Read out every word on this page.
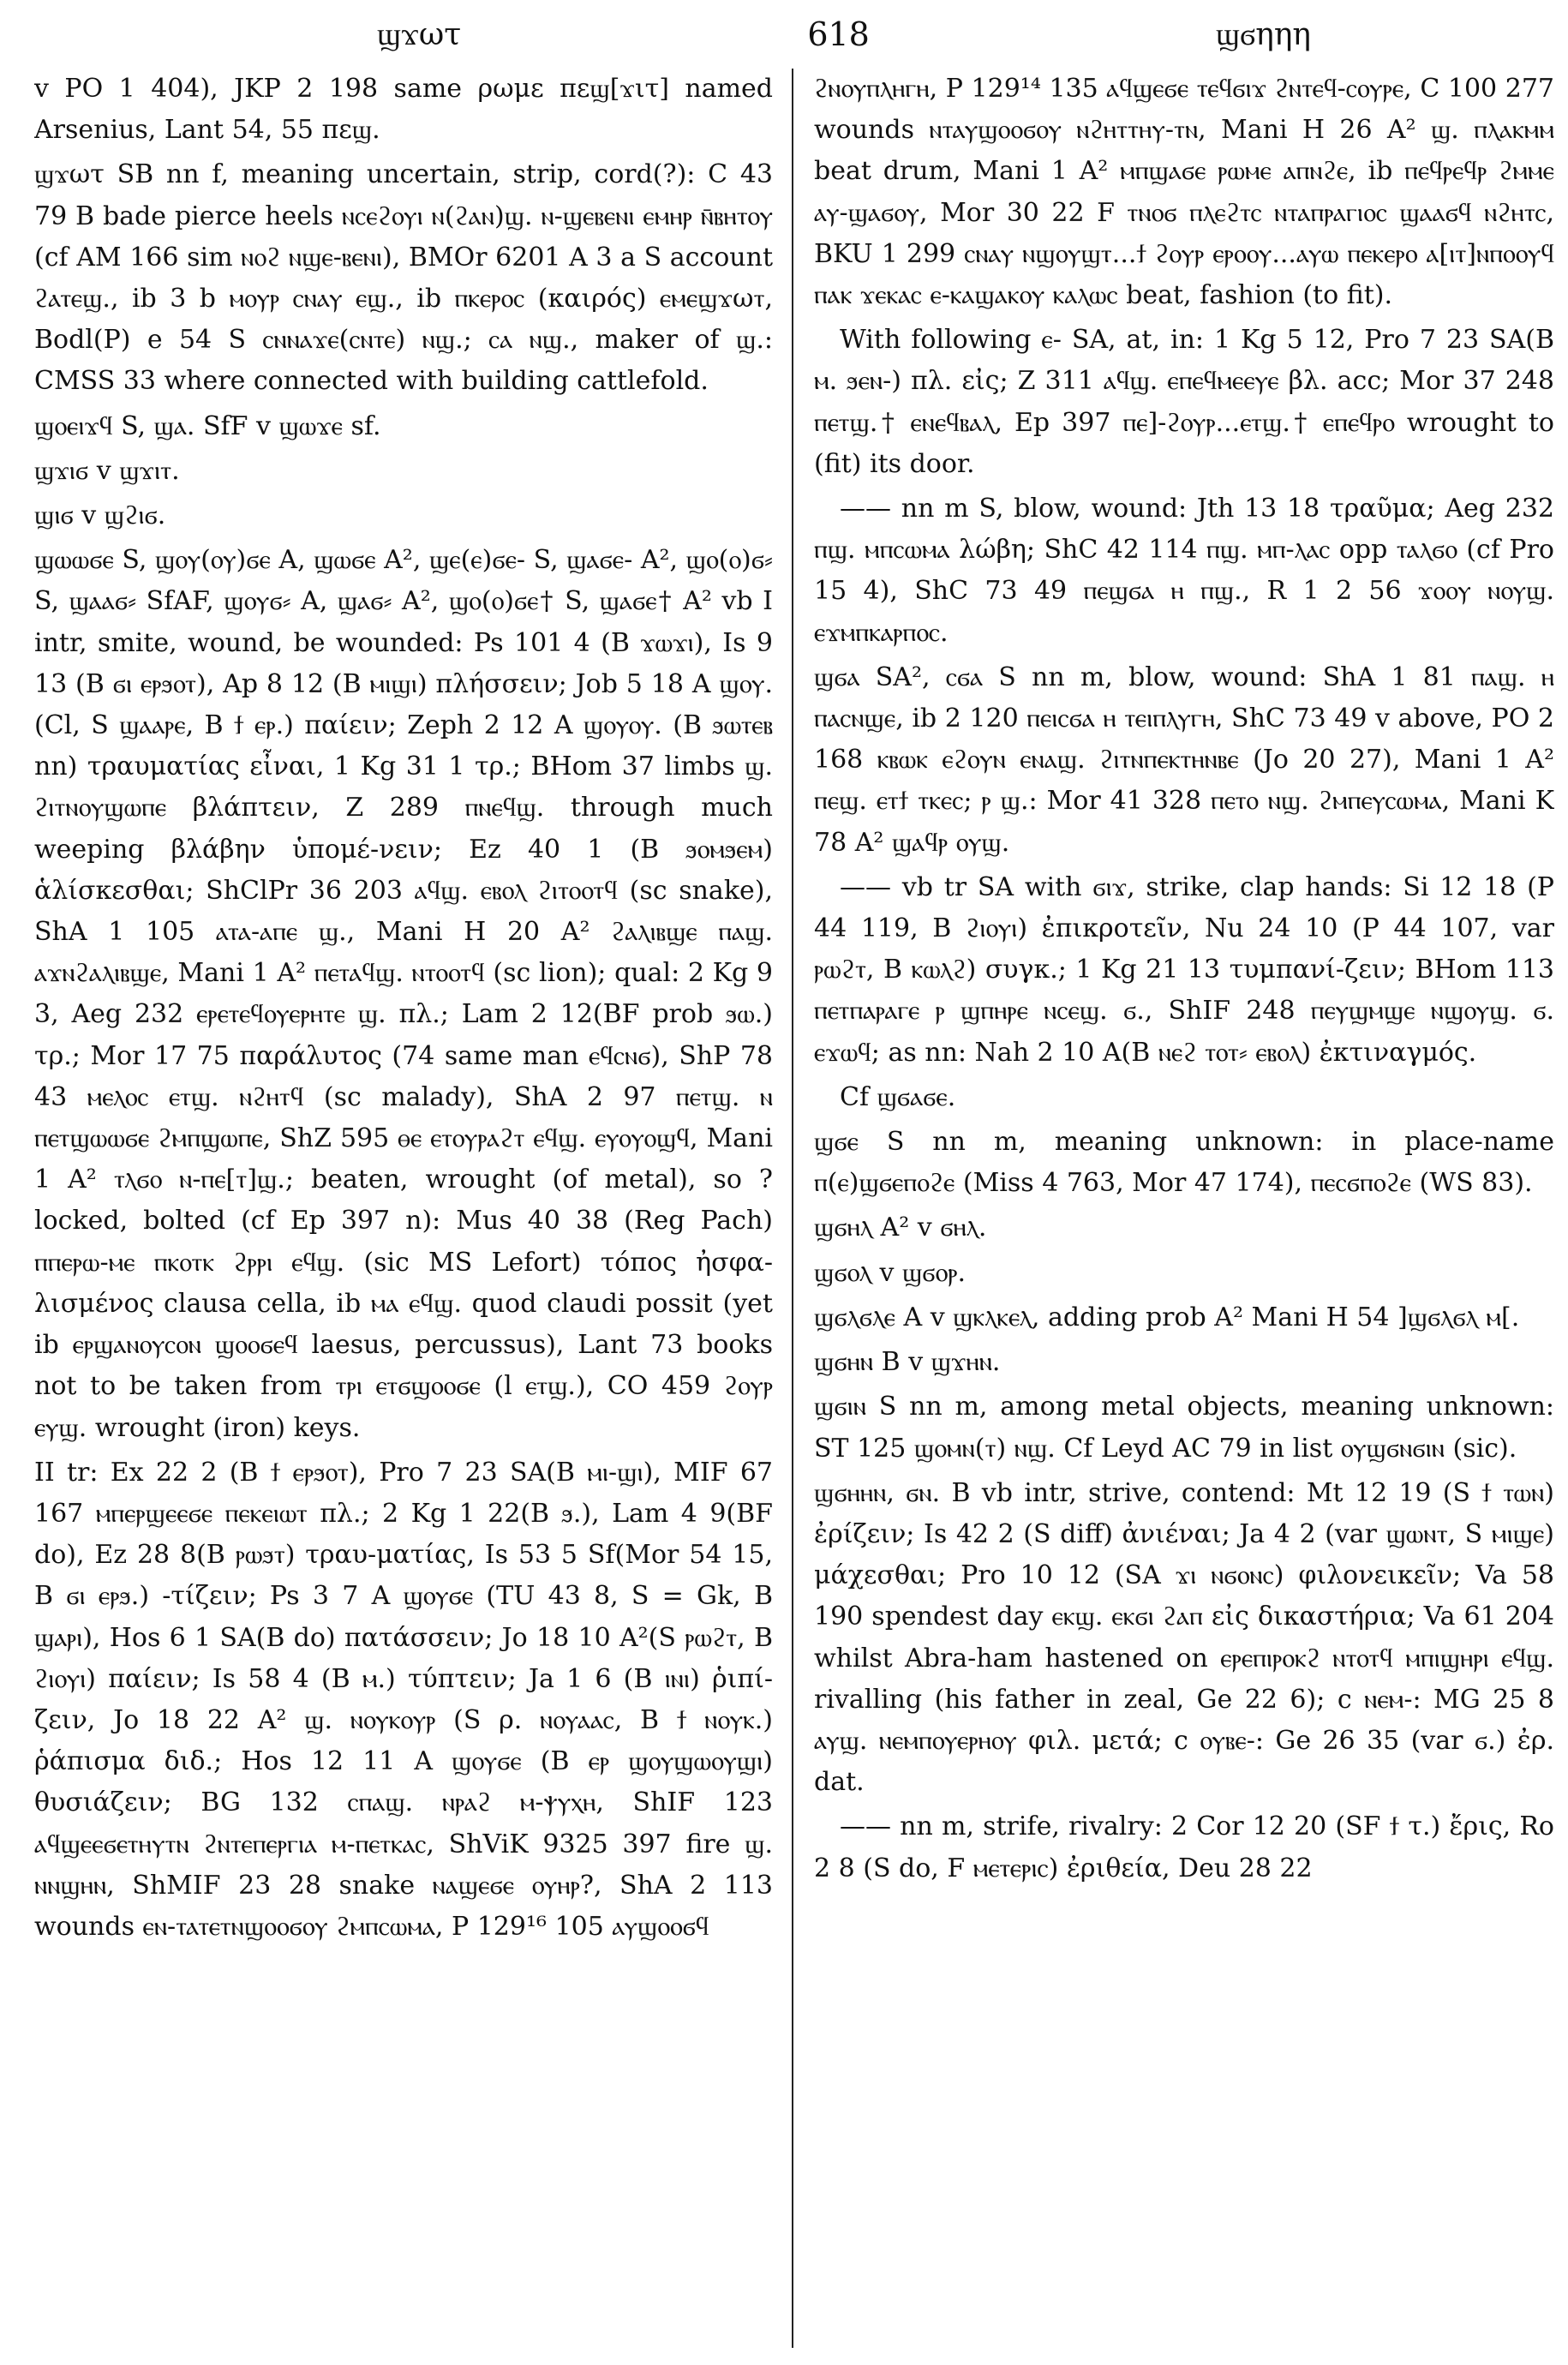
ϣϫωτ	618	ϣϭηηη

v PO 1 404), JKP 2 198 same ρωμε πεϣ[ϫιτ] named Arsenius, Lant 54, 55 πεϣ.

ϣϫωτ SB nn f, meaning uncertain, strip, cord(?): C 43 79 B bade pierce heels ⲛⲥⲉϩⲟⲩⲓ ⲛ(ϩⲁⲛ)ϣ. ⲛ-ϣⲉⲃⲉⲛⲓ ⲉⲙⲏⲣ ⲛ̄ⲃⲏⲧⲟⲩ (cf AM 166 sim ⲛⲟϩ ⲛϣⲉ-ⲃⲉⲛⲓ), BMOr 6201 A 3 a S account ϩⲁⲧⲉϣ., ib 3 b ⲙⲟⲩⲣ ⲥⲛⲁⲩ ⲉϣ., ib ⲡⲕⲉⲣⲟⲥ (καιρός) ⲉⲙⲉϣϫωⲧ, Bodl(P) e 54 S ⲥⲛⲛⲁϫⲉ(ⲥⲛⲧⲉ) ⲛϣ.; ⲥⲁ ⲛϣ., maker of ϣ.: CMSS 33 where connected with building cattlefold.

ϣⲟⲉⲓϫϥ S, ϣⲁ. SfF v ϣⲱϫⲉ sf.

ϣϫⲓϭ v ϣϫⲓⲧ.

ϣⲓϭ v ϣϩⲓϭ.

ϣⲱⲱϭⲉ S, ϣⲟⲩ(ⲟⲩ)ϭⲉ A, ϣⲱϭⲉ A², ϣⲉ(ⲉ)ϭⲉ- S, ϣⲁϭⲉ- A², ϣⲟ(ⲟ)ϭ⸗ S, ϣⲁⲁϭ⸗ SfAF, ϣⲟⲩϭ⸗ A, ϣⲁϭ⸗ A², ϣⲟ(ⲟ)ϭⲉ† S, ϣⲁϭⲉ† A² vb I intr, smite, wound, be wounded: Ps 101 4 (B ϫⲱϫⲓ), Is 9 13 (B ϭⲓ ⲉⲣϧⲟⲧ), Ap 8 12 (B ⲙⲓϣⲓ) πλήσσειν; Job 5 18 A ϣⲟⲩ. (Cl, S ϣⲁⲁⲣⲉ, B ϯ ⲉⲣ.) παίειν; Zeph 2 12 A ϣⲟⲩⲟⲩ. (B ϧⲱⲧⲉⲃ nn) τραυματίας εἶναι, 1 Kg 31 1 τρ.; BHom 37 limbs ϣ. ϩⲓⲧⲛⲟⲩϣⲱⲡⲉ βλάπτειν, Z 289 ⲡⲛⲉϥϣ. through much weeping βλάβην ὑπομέ-νειν; Ez 40 1 (B ϧⲟⲙϧⲉⲙ) ἁλίσκεσθαι; ShClPr 36 203 ⲁϥϣ. ⲉⲃⲟⲗ ϩⲓⲧⲟⲟⲧϥ (sc snake), ShA 1 105 ⲁⲧⲁ-ⲁⲡⲉ ϣ., Mani H 20 A² ϩⲁⲗⲓⲃϣⲉ ⲡⲁϣ. ⲁϫⲛϩⲁⲗⲓⲃϣⲉ, Mani 1 A² ⲡⲉⲧⲁϥϣ. ⲛⲧⲟⲟⲧϥ (sc lion); qual: 2 Kg 9 3, Aeg 232 ⲉⲣⲉⲧⲉϥⲟⲩⲉⲣⲏⲧⲉ ϣ. πλ.; Lam 2 12(BF prob ϧⲱ.) τρ.; Mor 17 75 παράλυτος (74 same man ⲉϥⲥⲛϭ), ShP 78 43 ⲙⲉⲗⲟⲥ ⲉⲧϣ. ⲛϩⲏⲧϥ (sc malady), ShA 2 97 ⲡⲉⲧϣ. ⲛ ⲡⲉⲧϣⲱⲱϭⲉ ϩⲙⲡϣⲱⲡⲉ, ShZ 595 ⲑⲉ ⲉⲧⲟⲩⲣⲁϩⲧ ⲉϥϣ. ⲉⲩⲟⲩⲟϣϥ, Mani 1 A² ⲧⲗϭⲟ ⲛ-ⲡⲉ[ⲧ]ϣ.; beaten, wrought (of metal), so ? locked, bolted (cf Ep 397 n): Mus 40 38 (Reg Pach) ⲡⲡⲉⲣⲱ-ⲙⲉ ⲡⲕⲟⲧⲕ ϩⲣⲣⲓ ⲉϥϣ. (sic MS Lefort) τόπος ἠσφα-λισμένος clausa cella, ib ⲙⲁ ⲉϥϣ. quod claudi possit (yet ib ⲉⲣϣⲁⲛⲟⲩⲥⲟⲛ ϣⲟⲟϭⲉϥ laesus, percussus), Lant 73 books not to be taken from ⲧⲣⲓ ⲉⲧϭϣⲟⲟϭⲉ (l ⲉⲧϣ.), CO 459 ϩⲟⲩⲣ ⲉⲩϣ. wrought (iron) keys.

II tr: Ex 22 2 (B ϯ ⲉⲣϧⲟⲧ), Pro 7 23 SA(B ⲙⲓ-ϣⲓ), MIF 67 167 ⲙⲡⲉⲣϣⲉⲉϭⲉ ⲡⲉⲕⲉⲓⲱⲧ πλ.; 2 Kg 1 22(B ϧ.), Lam 4 9(BF do), Ez 28 8(B ⲣⲱϧⲧ) τραυ-ματίας, Is 53 5 Sf(Mor 54 15, B ϭⲓ ⲉⲣϧ.) -τίζειν; Ps 3 7 A ϣⲟⲩϭⲉ (TU 43 8, S = Gk, B ϣⲁⲣⲓ), Hos 6 1 SA(B do) πατάσσειν; Jo 18 10 A²(S ⲣⲱϩⲧ, B ϩⲓⲟⲩⲓ) παίειν; Is 58 4 (B ⲙ.) τύπτειν; Ja 1 6 (B ⲓⲛⲓ) ῥιπί-ζειν, Jo 18 22 A² ϣ. ⲛⲟⲩⲕⲟⲩⲣ (S ρ. ⲛⲟⲩⲁⲁⲥ, B ϯ ⲛⲟⲩⲕ.) ῥάπισμα διδ.; Hos 12 11 A ϣⲟⲩϭⲉ (B ⲉⲣ ϣⲟⲩϣⲱⲟⲩϣⲓ) θυσιάζειν; BG 132 ⲥⲡⲁϣ. ⲛⲣⲁϩ ⲙ-ⲯⲩⲭⲏ, ShIF 123 ⲁϥϣⲉⲉϭⲉⲧⲏⲩⲧⲛ ϩⲛⲧⲉⲡⲉⲣⲅⲓⲁ ⲙ-ⲡⲉⲧⲕⲁⲥ, ShViK 9325 397 fire ϣ. ⲛⲛϣⲏⲛ, ShMIF 23 28 snake ⲛⲁϣⲉϭⲉ ⲟⲩⲏⲣ?, ShA 2 113 wounds ⲉⲛ-ⲧⲁⲧⲉⲧⲛϣⲟⲟϭⲟⲩ ϩⲙⲡⲥⲱⲙⲁ, P 129¹⁶ 105 ⲁⲩϣⲟⲟϭϥ

ϩⲛⲟⲩⲡⲗⲏⲅⲏ, P 129¹⁴ 135 ⲁϥϣⲉϭⲉ ⲧⲉϥϭⲓϫ ϩⲛⲧⲉϥ-ⲥⲟⲩⲣⲉ, C 100 277 wounds ⲛⲧⲁⲩϣⲟⲟϭⲟⲩ ⲛϩⲏⲧⲧⲏⲩ-ⲧⲛ, Mani H 26 A² ϣ. ⲡⲗⲁⲕⲙⲙ beat drum, Mani 1 A² ⲙⲡϣⲁϭⲉ ⲣⲱⲙⲉ ⲁⲡⲛϩⲉ, ib ⲡⲉϥⲣⲉϥⲣ ϩⲙⲙⲉ ⲁⲩ-ϣⲁϭⲟⲩ, Mor 30 22 F ⲧⲛⲟϭ ⲡⲗⲉϩⲧⲥ ⲛⲧⲁⲡⲣⲁⲅⲓⲟⲥ ϣⲁⲁϭϥ ⲛϩⲏⲧⲥ, BKU 1 299 ⲥⲛⲁⲩ ⲛϣⲟⲩϣⲧ...ϯ ϩⲟⲩⲣ ⲉⲣⲟⲟⲩ...ⲁⲩⲱ ⲡⲉⲕⲉⲣⲟ ⲁ[ⲓⲧ]ⲛⲡⲟⲟⲩϥ ⲡⲁⲕ ϫⲉⲕⲁⲥ ⲉ-ⲕⲁϣⲁⲕⲟⲩ ⲕⲁⲗⲱⲥ beat, fashion (to fit).

With following ⲉ- SA, at, in: 1 Kg 5 12, Pro 7 23 SA(B ⲙ. ϧⲉⲛ-) πλ. εἰς; Z 311 ⲁϥϣ. ⲉⲡⲉϥⲙⲉⲉⲩⲉ βλ. acc; Mor 37 248 ⲡⲉⲧϣ.† ⲉⲛⲉϥⲃⲁⲗ, Ep 397 ⲡⲉ]-ϩⲟⲩⲣ...ⲉⲧϣ.† ⲉⲡⲉϥⲣⲟ wrought to (fit) its door.

—— nn m S, blow, wound: Jth 13 18 τραῦμα; Aeg 232 ⲡϣ. ⲙⲡⲥⲱⲙⲁ λώβη; ShC 42 114 ⲡϣ. ⲙⲡ-ⲗⲁⲥ opp ⲧⲁⲗϭⲟ (cf Pro 15 4), ShC 73 49 ⲡⲉϣϭⲁ ⲏ ⲡϣ., R 1 2 56 ϫⲟⲟⲩ ⲛⲟⲩϣ. ⲉϫⲙⲡⲕⲁⲣⲡⲟⲥ.

ϣϭⲁ SA², ⲥϭⲁ S nn m, blow, wound: ShA 1 81 ⲡⲁϣ. ⲏ ⲡⲁⲥⲛϣⲉ, ib 2 120 ⲡⲉⲓⲥϭⲁ ⲏ ⲧⲉⲓⲡⲗⲩⲅⲏ, ShC 73 49 v above, PO 2 168 ⲕⲃⲱⲕ ⲉϩⲟⲩⲛ ⲉⲛⲁϣ. ϩⲓⲧⲛⲡⲉⲕⲧⲏⲛⲃⲉ (Jo 20 27), Mani 1 A² ⲡⲉϣ. ⲉⲧϯ ⲧⲕⲉⲥ; ⲣ ϣ.: Mor 41 328 ⲡⲉⲧⲟ ⲛϣ. ϩⲙⲡⲉⲩⲥⲱⲙⲁ, Mani K 78 A² ϣⲁϥⲣ ⲟⲩϣ.

—— vb tr SA with ϭⲓϫ, strike, clap hands: Si 12 18 (P 44 119, B ϩⲓⲟⲩⲓ) ἐπικροτεῖν, Nu 24 10 (P 44 107, var ⲣⲱϩⲧ, B ⲕⲱⲗϩ) συγκ.; 1 Kg 21 13 τυμπανί-ζειν; BHom 113 ⲡⲉⲧⲡⲁⲣⲁⲅⲉ ⲣ ϣⲡⲏⲣⲉ ⲛⲥⲉϣ. ϭ., ShIF 248 ⲡⲉⲩϣⲙϣⲉ ⲛϣⲟⲩϣ. ϭ. ⲉϫⲱϥ; as nn: Nah 2 10 A(B ⲛⲉϩ ⲧⲟⲧ⸗ ⲉⲃⲟⲗ) ἐκτιναγμός.

Cf ϣϭⲁϭⲉ.

ϣϭⲉ S nn m, meaning unknown: in place-name ⲡ(ⲉ)ϣϭⲉⲡⲟϩⲉ (Miss 4 763, Mor 47 174), ⲡⲉⲥϭⲡⲟϩⲉ (WS 83).

ϣϭⲏⲗ A² v ϭⲏⲗ.

ϣϭⲟⲗ v ϣϭⲟⲣ.

ϣϭⲗϭⲗⲉ A v ϣⲕⲗⲕⲉⲗ, adding prob A² Mani H 54 ]ϣϭⲗϭⲗ ⲙ[.

ϣϭⲏⲛ B v ϣϫⲏⲛ.

ϣϭⲓⲛ S nn m, among metal objects, meaning unknown: ST 125 ϣⲟⲙⲛ(ⲧ) ⲛϣ. Cf Leyd AC 79 in list ⲟⲩϣϭⲛϭⲓⲛ (sic).

ϣϭⲏⲏⲛ, ϭⲛ. B vb intr, strive, contend: Mt 12 19 (S ϯ ⲧⲱⲛ) ἐρίζειν; Is 42 2 (S diff) ἀνιέναι; Ja 4 2 (var ϣⲱⲛⲧ, S ⲙⲓϣⲉ) μάχεσθαι; Pro 10 12 (SA ϫⲓ ⲛϭⲟⲛⲥ) φιλονεικεῖν; Va 58 190 spendest day ⲉⲕϣ. ⲉⲕϭⲓ ϩⲁⲡ εἰς δικαστήρια; Va 61 204 whilst Abra-ham hastened on ⲉⲣⲉⲡⲓⲣⲟⲕϩ ⲛⲧⲟⲧϥ ⲙⲡⲓϣⲏⲣⲓ ⲉϥϣ. rivalling (his father in zeal, Ge 22 6); c ⲛⲉⲙ-: MG 25 8 ⲁⲩϣ. ⲛⲉⲙⲡⲟⲩⲉⲣⲏⲟⲩ φιλ. μετά; c ⲟⲩⲃⲉ-: Ge 26 35 (var ϭ.) ἐρ. dat.

—— nn m, strife, rivalry: 2 Cor 12 20 (SF ϯ τ.) ἔρις, Ro 2 8 (S do, F ⲙⲉⲧⲉⲣⲓⲥ) ἐριθεία, Deu 28 22
